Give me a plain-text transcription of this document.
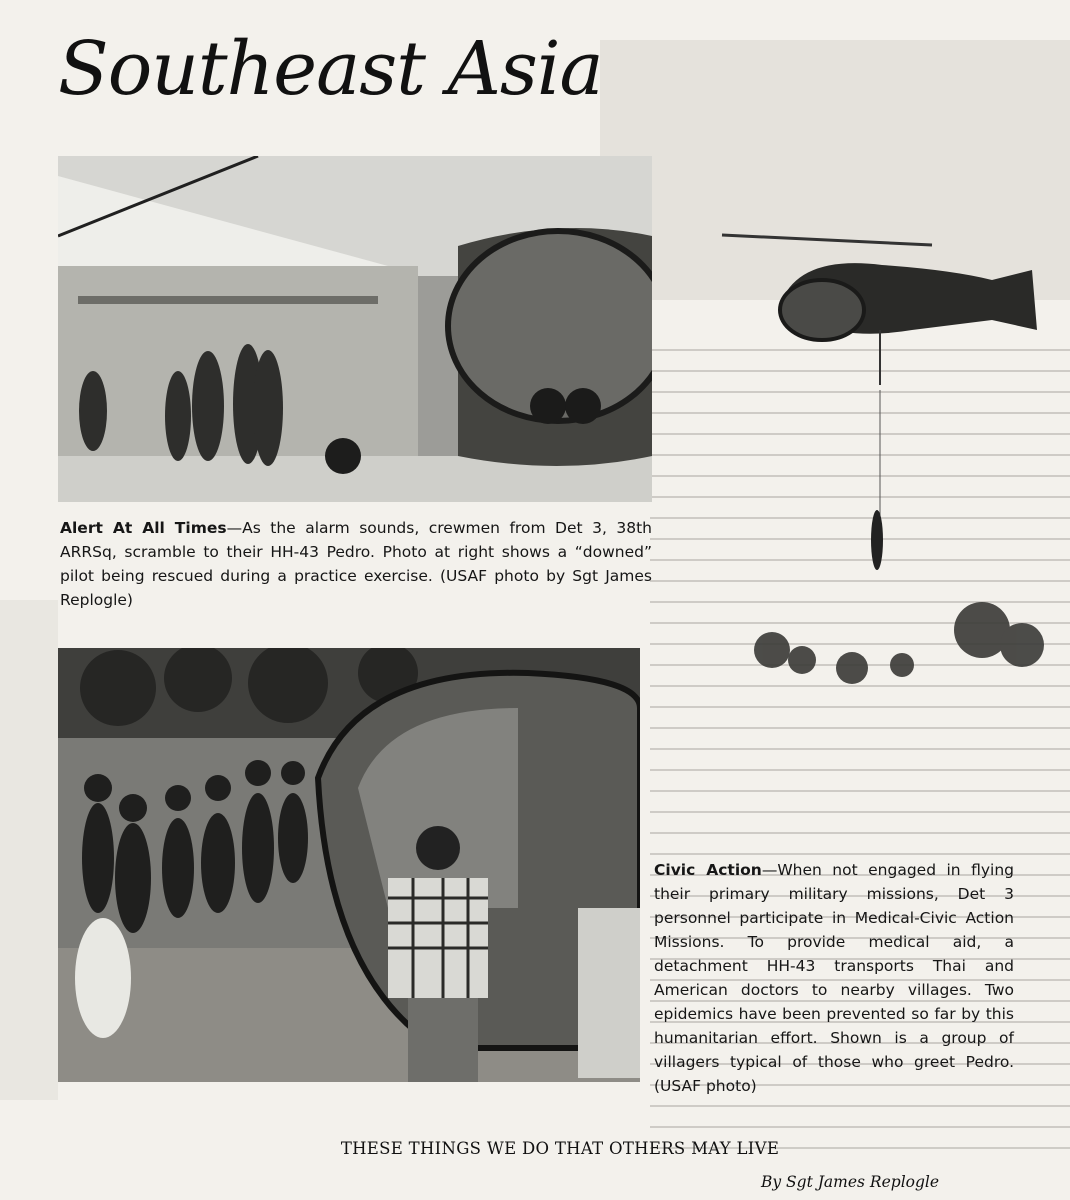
Southeast Asia
Alert At All Times—As the alarm sounds, crewmen from Det 3, 38th ARRSq, scramble to their HH-43 Pedro. Photo at right shows a “downed” pilot being rescued during a practice exercise. (USAF photo by Sgt James Replogle)
Civic Action—When not engaged in flying their primary military missions, Det 3 personnel participate in Medical-Civic Action Missions. To provide medical aid, a detachment HH-43 transports Thai and American doctors to nearby villages. Two epidemics have been prevented so far by this humanitarian effort. Shown is a group of villagers typical of those who greet Pedro. (USAF photo)
THESE THINGS WE DO THAT OTHERS MAY LIVE
By Sgt James Replogle
